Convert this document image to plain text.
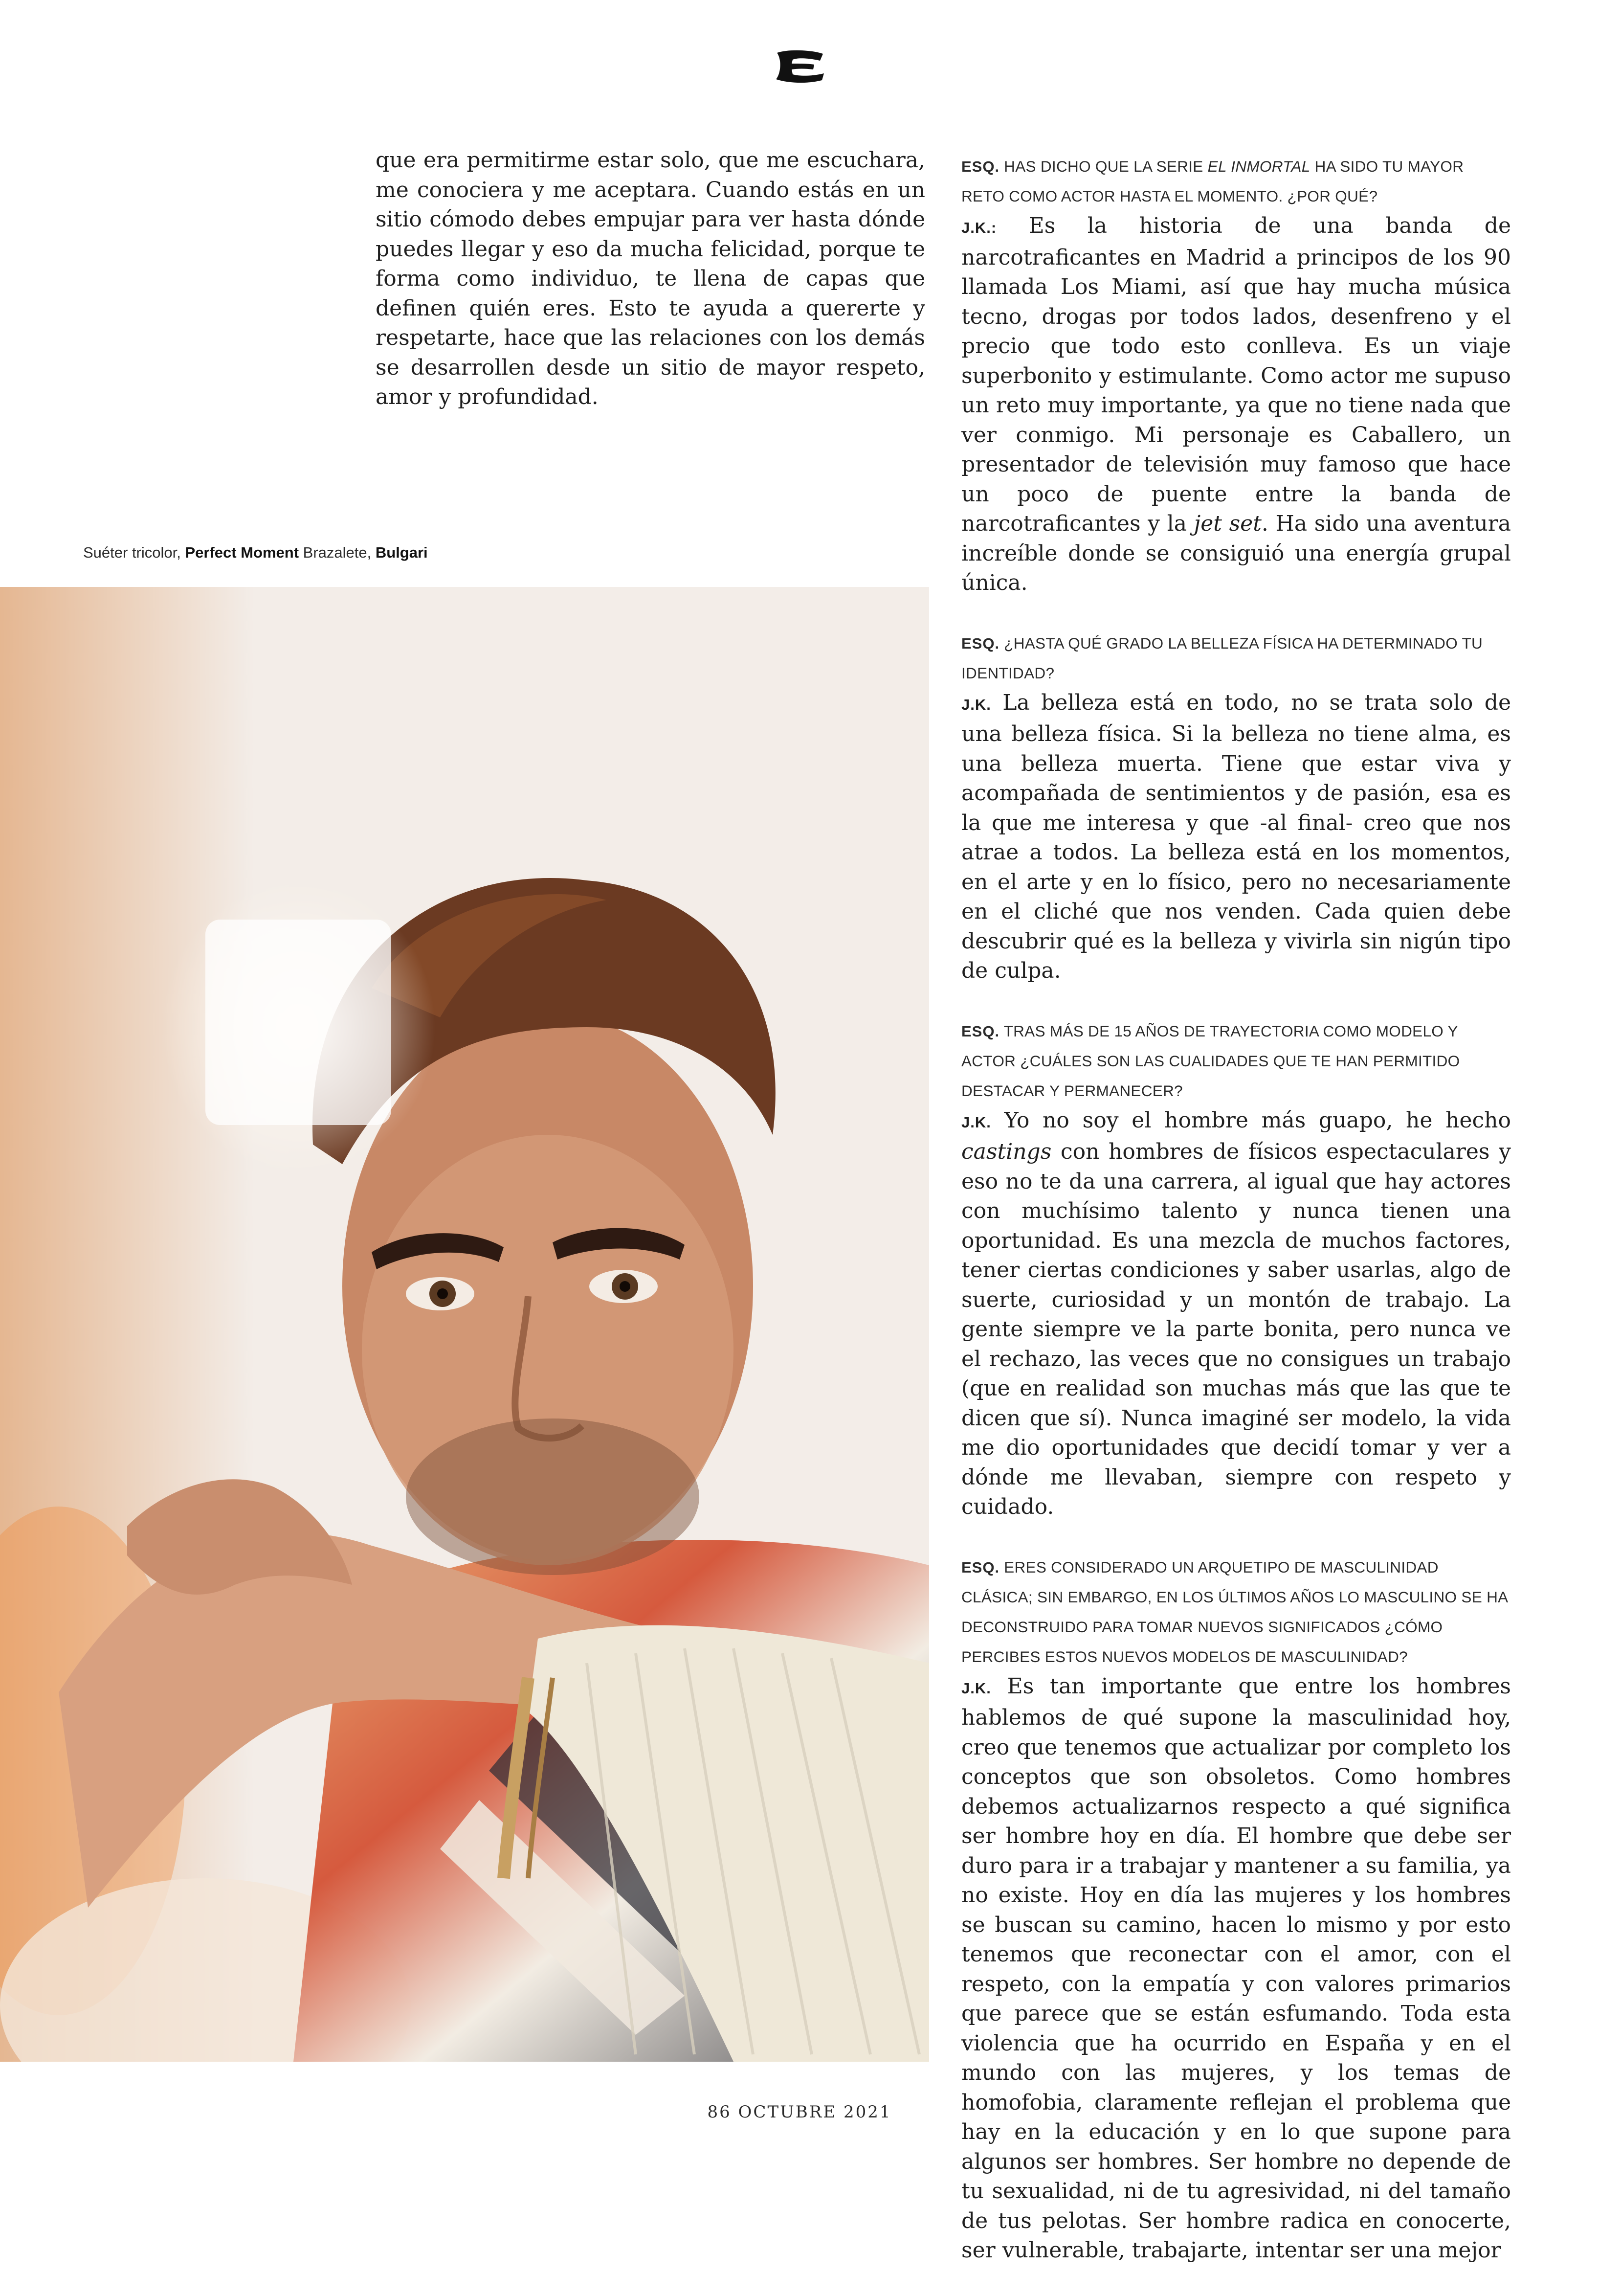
que era permitirme estar solo, que me escuchara, me conociera y me aceptara. Cuando estás en un sitio cómodo debes empujar para ver hasta dónde puedes llegar y eso da mucha felicidad, porque te forma como individuo, te llena de capas que definen quién eres. Esto te ayuda a quererte y respetarte, hace que las relaciones con los demás se desarrollen desde un sitio de mayor respeto, amor y profundidad.

Suéter tricolor, Perfect Moment Brazalete, Bulgari

ESQ. HAS DICHO QUE LA SERIE EL INMORTAL HA SIDO TU MAYOR RETO COMO ACTOR HASTA EL MOMENTO. ¿POR QUÉ?

J.K.: Es la historia de una banda de narcotraficantes en Madrid a principos de los 90 llamada Los Miami, así que hay mucha música tecno, drogas por todos lados, desenfreno y el precio que todo esto conlleva. Es un viaje superbonito y estimulante. Como actor me supuso un reto muy importante, ya que no tiene nada que ver conmigo. Mi personaje es Caballero, un presentador de televisión muy famoso que hace un poco de puente entre la banda de narcotraficantes y la jet set. Ha sido una aventura increíble donde se consiguió una energía grupal única.

ESQ. ¿HASTA QUÉ GRADO LA BELLEZA FÍSICA HA DETERMINADO TU IDENTIDAD?

J.K. La belleza está en todo, no se trata solo de una belleza física. Si la belleza no tiene alma, es una belleza muerta. Tiene que estar viva y acompañada de sentimientos y de pasión, esa es la que me interesa y que -al final- creo que nos atrae a todos. La belleza está en los momentos, en el arte y en lo físico, pero no necesariamente en el cliché que nos venden. Cada quien debe descubrir qué es la belleza y vivirla sin nigún tipo de culpa.

ESQ. TRAS MÁS DE 15 AÑOS DE TRAYECTORIA COMO MODELO Y ACTOR ¿CUÁLES SON LAS CUALIDADES QUE TE HAN PERMITIDO DESTACAR Y PERMANECER?

J.K. Yo no soy el hombre más guapo, he hecho castings con hombres de físicos espectaculares y eso no te da una carrera, al igual que hay actores con muchísimo talento y nunca tienen una oportunidad. Es una mezcla de muchos factores, tener ciertas condiciones y saber usarlas, algo de suerte, curiosidad y un montón de trabajo. La gente siempre ve la parte bonita, pero nunca ve el rechazo, las veces que no consigues un trabajo (que en realidad son muchas más que las que te dicen que sí). Nunca imaginé ser modelo, la vida me dio oportunidades que decidí tomar y ver a dónde me llevaban, siempre con respeto y cuidado.

ESQ. ERES CONSIDERADO UN ARQUETIPO DE MASCULINIDAD CLÁSICA; SIN EMBARGO, EN LOS ÚLTIMOS AÑOS LO MASCULINO SE HA DECONSTRUIDO PARA TOMAR NUEVOS SIGNIFICADOS ¿CÓMO PERCIBES ESTOS NUEVOS MODELOS DE MASCULINIDAD?

J.K. Es tan importante que entre los hombres hablemos de qué supone la masculinidad hoy, creo que tenemos que actualizar por completo los conceptos que son obsoletos. Como hombres debemos actualizarnos respecto a qué significa ser hombre hoy en día. El hombre que debe ser duro para ir a trabajar y mantener a su familia, ya no existe. Hoy en día las mujeres y los hombres se buscan su camino, hacen lo mismo y por esto tenemos que reconectar con el amor, con el respeto, con la empatía y con valores primarios que parece que se están esfumando. Toda esta violencia que ha ocurrido en España y en el mundo con las mujeres, y los temas de homofobia, claramente reflejan el problema que hay en la educación y en lo que supone para algunos ser hombres. Ser hombre no depende de tu sexualidad, ni de tu agresividad, ni del tamaño de tus pelotas. Ser hombre radica en conocerte, ser vulnerable, trabajarte, intentar ser una mejor

86 OCTUBRE 2021
